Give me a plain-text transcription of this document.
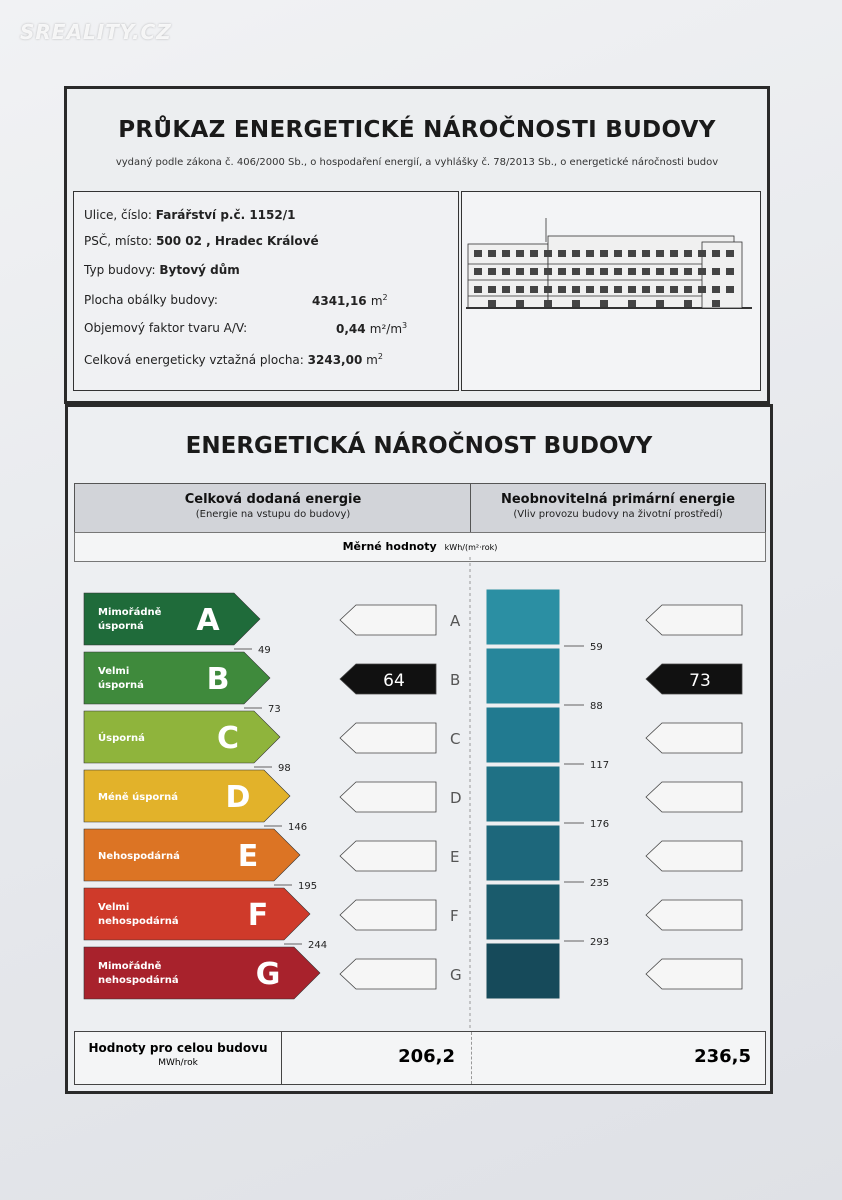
SREALITY.CZ
PRŮKAZ ENERGETICKÉ NÁROČNOSTI BUDOVY
vydaný podle zákona č. 406/2000 Sb., o hospodaření energií, a vyhlášky č. 78/2013 Sb., o energetické náročnosti budov
Ulice, číslo: Farářství p.č. 1152/1
PSČ, místo: 500 02 , Hradec Králové
Typ budovy: Bytový dům
Plocha obálky budovy:	4341,16 $m^2$
Objemový faktor tvaru A/V:	0,44 $m^2/m^3$
Celková energeticky vztažná plocha: 3243,00 $m^2$
ENERGETICKÁ NÁROČNOST BUDOVY
Celková dodaná energie
(Energie na vstupu do budovy)
Neobnovitelná primární energie
(Vliv provozu budovy na životní prostředí)
Měrné hodnoty kWh/(m²·rok)
Mimořádně
úsporná A
Velmi
úsporná B
Úsporná C
Méně úsporná D
Nehospodárná E
Velmi
nehospodárná F
Mimořádně
nehospodárná	G
49
73
98
146
195
244
A
64	B
C
D
E
F
G
59
88
117
176
235
293
73
Hodnoty pro celou budovu
MWh/rok	206,2	236,5
